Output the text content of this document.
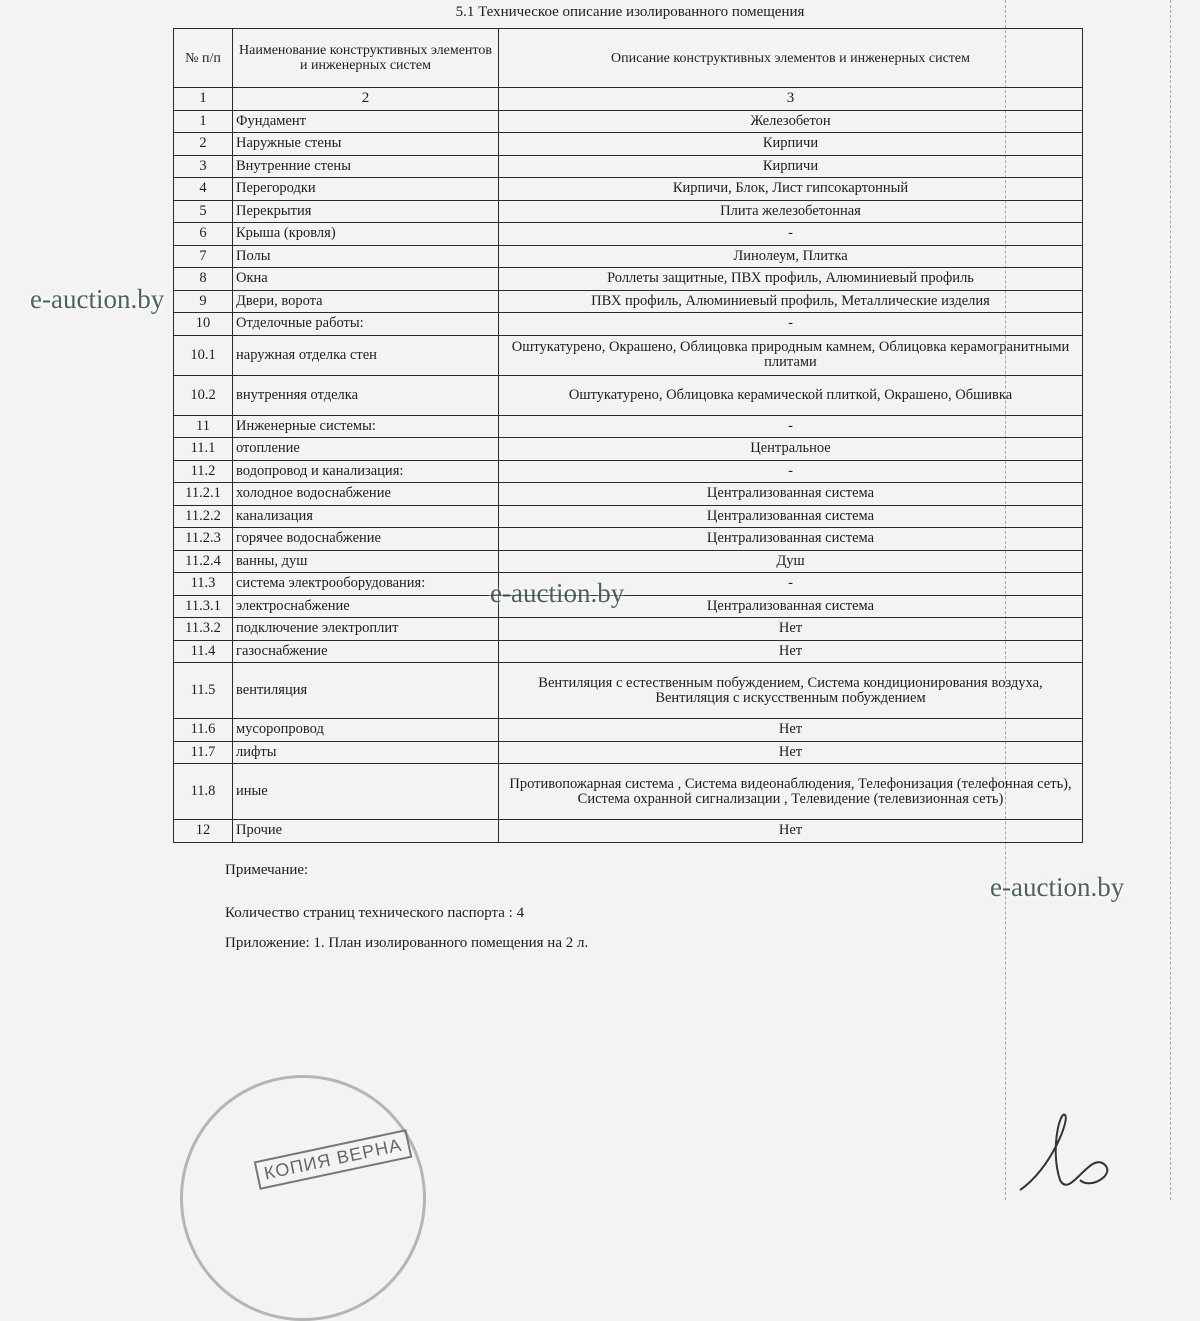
5.1 Техническое описание изолированного помещения
№ п/п	Наименование конструктивных элементов и инженерных систем	Описание конструктивных элементов и инженерных систем
1	2	3
1	Фундамент	Железобетон
2	Наружные стены	Кирпичи
3	Внутренние стены	Кирпичи
4	Перегородки	Кирпичи, Блок, Лист гипсокартонный
5	Перекрытия	Плита железобетонная
6	Крыша (кровля)	-
7	Полы	Линолеум, Плитка
8	Окна	Роллеты защитные, ПВХ профиль, Алюминиевый профиль
9	Двери, ворота	ПВХ профиль, Алюминиевый профиль, Металлические изделия
10	Отделочные работы:	-
10.1	наружная отделка стен	Оштукатурено, Окрашено, Облицовка природным камнем, Облицовка керамогранитными плитами
10.2	внутренняя отделка	Оштукатурено, Облицовка керамической плиткой, Окрашено, Обшивка
11	Инженерные системы:	-
11.1	отопление	Центральное
11.2	водопровод и канализация:	-
11.2.1	холодное водоснабжение	Централизованная система
11.2.2	канализация	Централизованная система
11.2.3	горячее водоснабжение	Централизованная система
11.2.4	ванны, душ	Душ
11.3	система электрооборудования:	-
11.3.1	электроснабжение	Централизованная система
11.3.2	подключение электроплит	Нет
11.4	газоснабжение	Нет
11.5	вентиляция	Вентиляция с естественным побуждением, Система кондиционирования воздуха, Вентиляция с искусственным побуждением
11.6	мусоропровод	Нет
11.7	лифты	Нет
11.8	иные	Противопожарная система , Система видеонаблюдения, Телефонизация (телефонная сеть), Система охранной сигнализации , Телевидение (телевизионная сеть)
12	Прочие	Нет
Примечание:
Количество страниц технического паспорта : 4
Приложение: 1. План изолированного помещения на 2 л.
e-auction.by
e-auction.by
e-auction.by
КОПИЯ ВЕРНА
